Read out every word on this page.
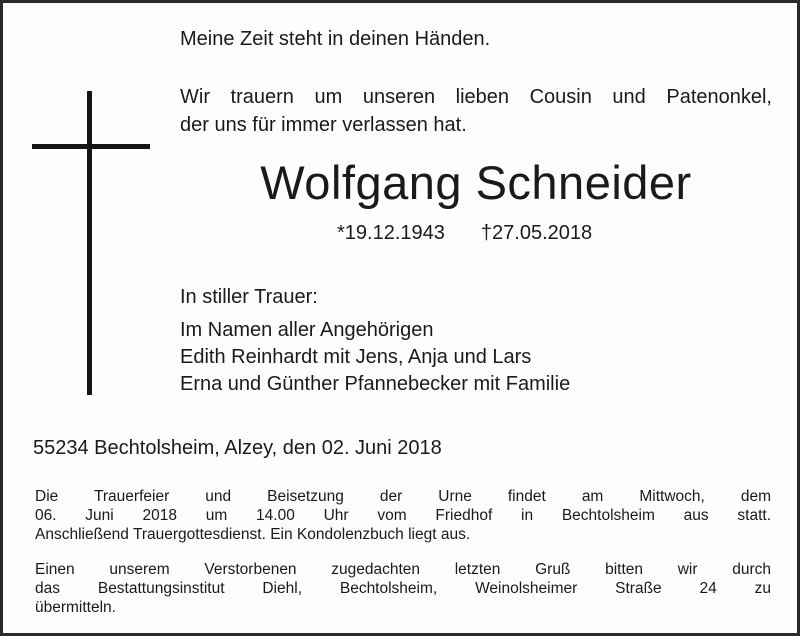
Meine Zeit steht in deinen Händen.

Wir trauern um unseren lieben Cousin und Patenonkel,
der uns für immer verlassen hat.
Wolfgang Schneider
*19.12.1943 †27.05.2018

In stiller Trauer:

Im Namen aller Angehörigen
Edith Reinhardt mit Jens, Anja und Lars
Erna und Günther Pfannebecker mit Familie

55234 Bechtolsheim, Alzey, den 02. Juni 2018

Die Trauerfeier und Beisetzung der Urne findet am Mittwoch, dem
06. Juni 2018 um 14.00 Uhr vom Friedhof in Bechtolsheim aus statt.
Anschließend Trauergottesdienst. Ein Kondolenzbuch liegt aus.
Einen unserem Verstorbenen zugedachten letzten Gruß bitten wir durch
das Bestattungsinstitut Diehl, Bechtolsheim, Weinolsheimer Straße 24 zu
übermitteln.
